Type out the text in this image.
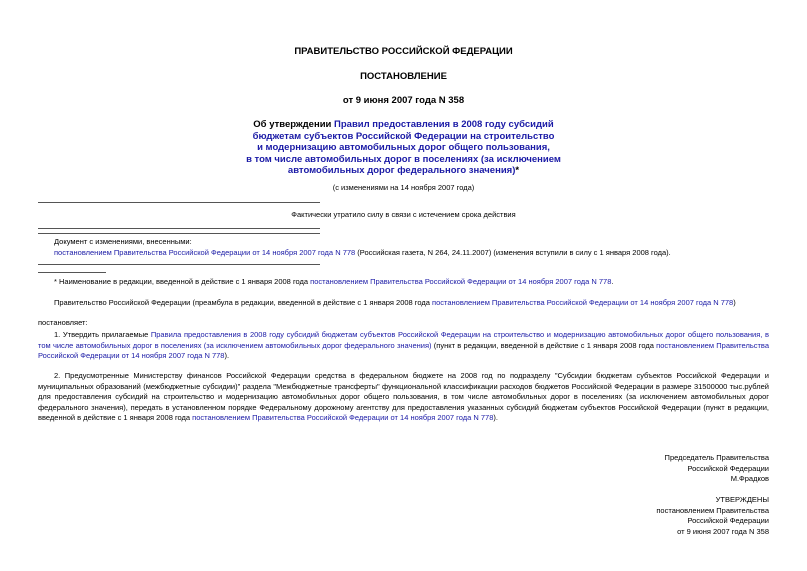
ПРАВИТЕЛЬСТВО РОССИЙСКОЙ ФЕДЕРАЦИИ
ПОСТАНОВЛЕНИЕ
от 9 июня 2007 года N 358
Об утверждении Правил предоставления в 2008 году субсидий
бюджетам субъектов Российской Федерации на строительство
и модернизацию автомобильных дорог общего пользования,
в том числе автомобильных дорог в поселениях (за исключением
автомобильных дорог федерального значения)*
(с изменениями на 14 ноября 2007 года)
Фактически утратило силу в связи с истечением срока действия
Документ с изменениями, внесенными:
постановлением Правительства Российской Федерации от 14 ноября 2007 года N 778 (Российская газета, N 264, 24.11.2007) (изменения вступили в силу с 1 января 2008 года).
* Наименование в редакции, введенной в действие с 1 января 2008 года постановлением Правительства Российской Федерации от 14 ноября 2007 года N 778.
Правительство Российской Федерации (преамбула в редакции, введенной в действие с 1 января 2008 года постановлением Правительства Российской Федерации от 14 ноября 2007 года N 778)
постановляет:
1. Утвердить прилагаемые Правила предоставления в 2008 году субсидий бюджетам субъектов Российской Федерации на строительство и модернизацию автомобильных дорог общего пользования, в том числе автомобильных дорог в поселениях (за исключением автомобильных дорог федерального значения) (пункт в редакции, введенной в действие с 1 января 2008 года постановлением Правительства Российской Федерации от 14 ноября 2007 года N 778).
2. Предусмотренные Министерству финансов Российской Федерации средства в федеральном бюджете на 2008 год по подразделу "Субсидии бюджетам субъектов Российской Федерации и муниципальных образований (межбюджетные субсидии)" раздела "Межбюджетные трансферты" функциональной классификации расходов бюджетов Российской Федерации в размере 31500000 тыс.рублей для предоставления субсидий на строительство и модернизацию автомобильных дорог общего пользования, в том числе автомобильных дорог в поселениях (за исключением автомобильных дорог федерального значения), передать в установленном порядке Федеральному дорожному агентству для предоставления указанных субсидий бюджетам субъектов Российской Федерации (пункт в редакции, введенной в действие с 1 января 2008 года постановлением Правительства Российской Федерации от 14 ноября 2007 года N 778).
Председатель Правительства
Российской Федерации
М.Фрадков
УТВЕРЖДЕНЫ
постановлением Правительства
Российской Федерации
от 9 июня 2007 года N 358
